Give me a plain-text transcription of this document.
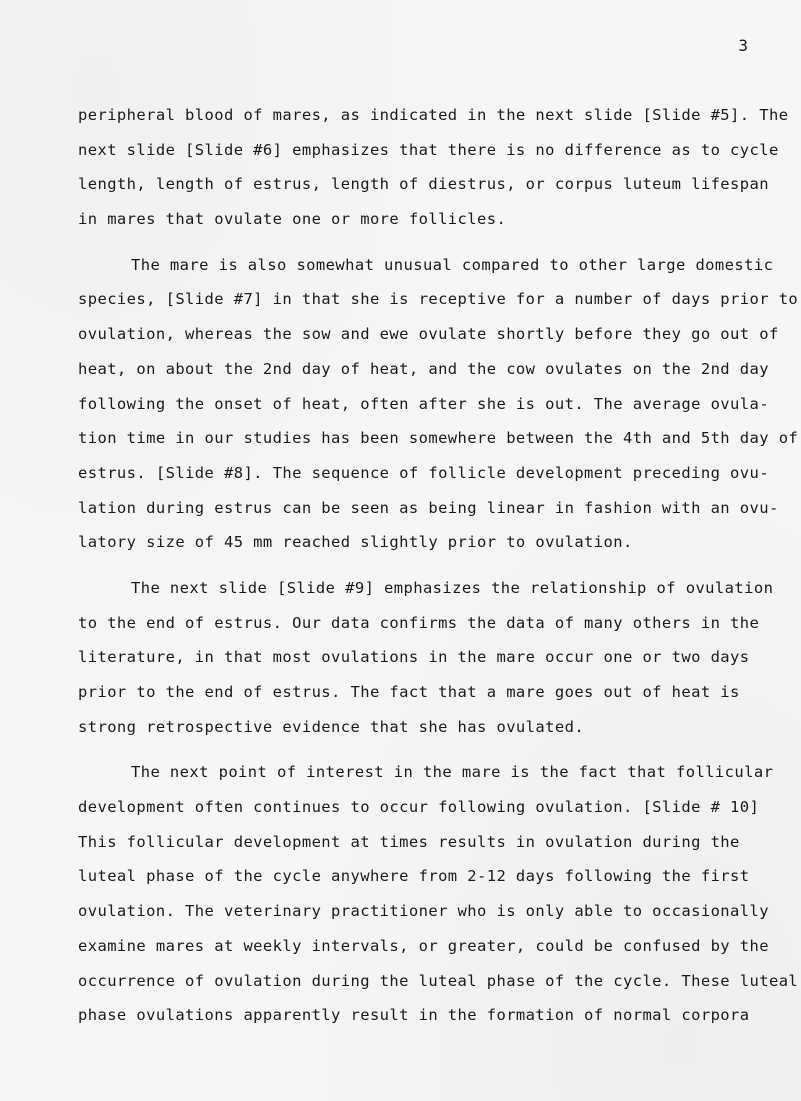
3
peripheral blood of mares, as indicated in the next slide [Slide #5]. The
next slide [Slide #6] emphasizes that there is no difference as to cycle
length, length of estrus, length of diestrus, or corpus luteum lifespan
in mares that ovulate one or more follicles.
The mare is also somewhat unusual compared to other large domestic
species, [Slide #7] in that she is receptive for a number of days prior to
ovulation, whereas the sow and ewe ovulate shortly before they go out of
heat, on about the 2nd day of heat, and the cow ovulates on the 2nd day
following the onset of heat, often after she is out. The average ovula-
tion time in our studies has been somewhere between the 4th and 5th day of
estrus. [Slide #8]. The sequence of follicle development preceding ovu-
lation during estrus can be seen as being linear in fashion with an ovu-
latory size of 45 mm reached slightly prior to ovulation.
The next slide [Slide #9] emphasizes the relationship of ovulation
to the end of estrus. Our data confirms the data of many others in the
literature, in that most ovulations in the mare occur one or two days
prior to the end of estrus. The fact that a mare goes out of heat is
strong retrospective evidence that she has ovulated.
The next point of interest in the mare is the fact that follicular
development often continues to occur following ovulation. [Slide # 10]
This follicular development at times results in ovulation during the
luteal phase of the cycle anywhere from 2-12 days following the first
ovulation. The veterinary practitioner who is only able to occasionally
examine mares at weekly intervals, or greater, could be confused by the
occurrence of ovulation during the luteal phase of the cycle. These luteal
phase ovulations apparently result in the formation of normal corpora
